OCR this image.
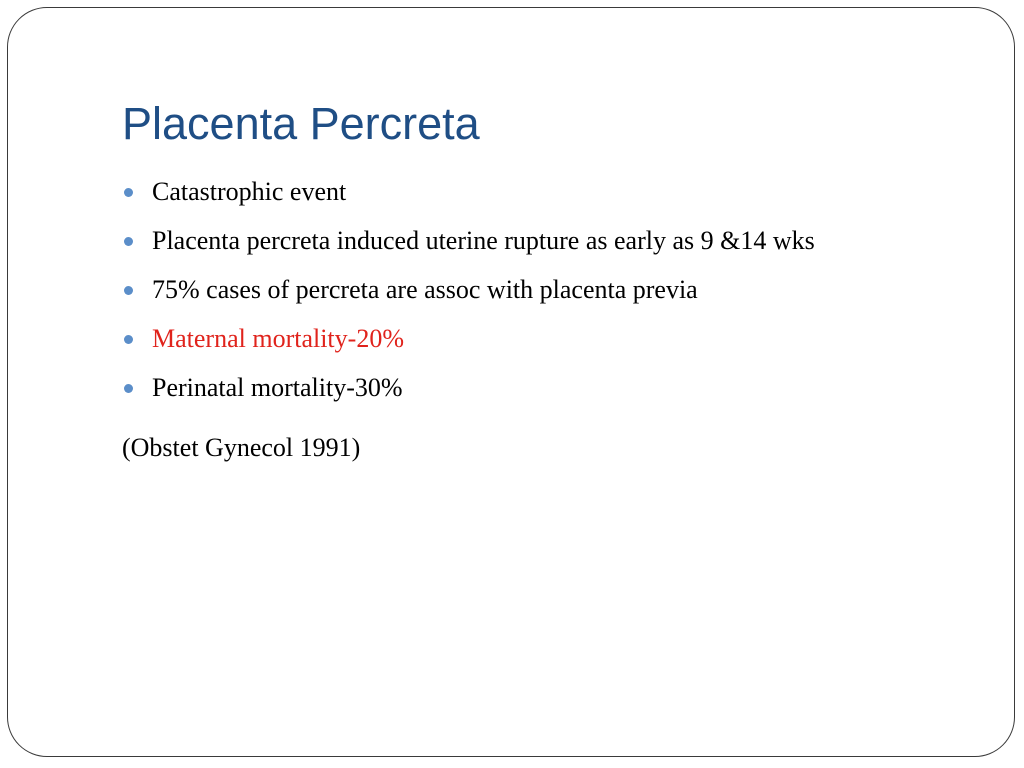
Placenta Percreta
Catastrophic event
Placenta percreta induced uterine rupture as early as 9 &14 wks
75% cases of percreta are assoc with placenta previa
Maternal mortality-20%
Perinatal mortality-30%

(Obstet Gynecol 1991)
